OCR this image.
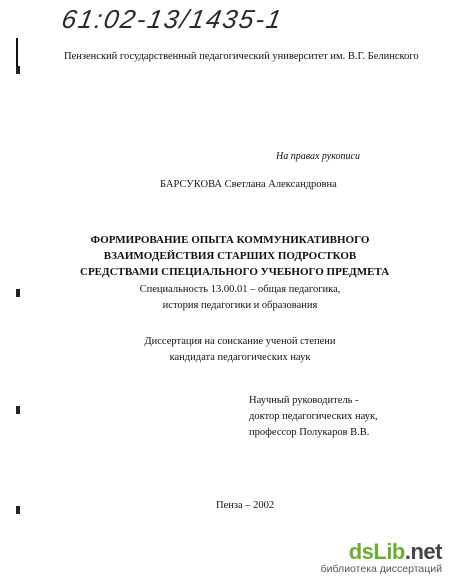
61:02-13/1435-1
Пензенский государственный педагогический университет им. В.Г. Белинского
На правах рукописи
БАРСУКОВА Светлана Александровна
ФОРМИРОВАНИЕ ОПЫТА КОММУНИКАТИВНОГО
ВЗАИМОДЕЙСТВИЯ СТАРШИХ ПОДРОСТКОВ
СРЕДСТВАМИ СПЕЦИАЛЬНОГО УЧЕБНОГО ПРЕДМЕТА
Специальность 13.00.01 – общая педагогика,
история педагогики и образования
Диссертация на соискание ученой степени
кандидата педагогических наук
Научный руководитель -
доктор педагогических наук,
профессор Полукаров В.В.
Пенза – 2002
dsLib.net
библиотека диссертаций
